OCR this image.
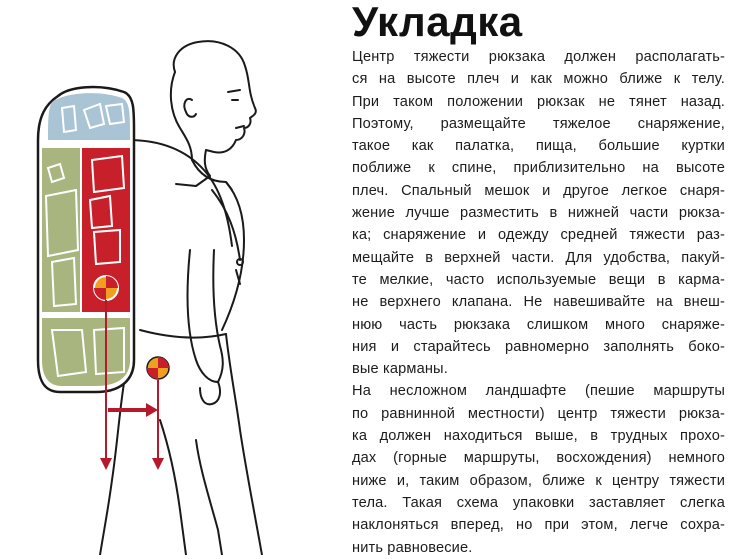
Укладка
Центр тяжести рюкзака должен располагать-
ся на высоте плеч и как можно ближе к телу.
При таком положении рюкзак не тянет назад.
Поэтому, размещайте тяжелое снаряжение,
такое как палатка, пища, большие куртки
поближе к спине, приблизительно на высоте
плеч. Спальный мешок и другое легкое снаря-
жение лучше разместить в нижней части рюкза-
ка; снаряжение и одежду средней тяжести раз-
мещайте в верхней части. Для удобства, пакуй-
те мелкие, часто используемые вещи в карма-
не верхнего клапана. Не навешивайте на внеш-
нюю часть рюкзака слишком много снаряже-
ния и старайтесь равномерно заполнять боко-
вые карманы.
На несложном ландшафте (пешие маршруты
по равнинной местности) центр тяжести рюкза-
ка должен находиться выше, в трудных прохо-
дах (горные маршруты, восхождения) немного
ниже и, таким образом, ближе к центру тяжести
тела. Такая схема упаковки заставляет слегка
наклоняться вперед, но при этом, легче сохра-
нить равновесие.
